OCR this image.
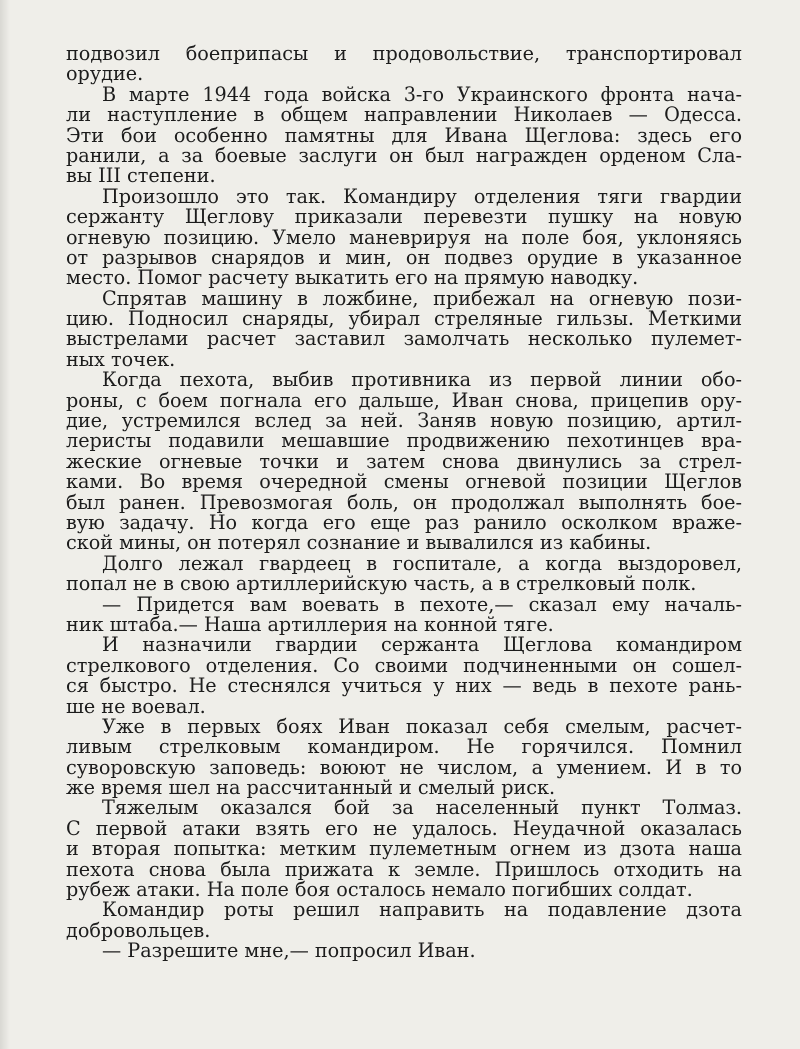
подвозил боеприпасы и продовольствие, транспортировал
орудие.
В марте 1944 года войска 3-го Украинского фронта нача-
ли наступление в общем направлении Николаев — Одесса.
Эти бои особенно памятны для Ивана Щеглова: здесь его
ранили, а за боевые заслуги он был награжден орденом Сла-
вы III степени.
Произошло это так. Командиру отделения тяги гвардии
сержанту Щеглову приказали перевезти пушку на новую
огневую позицию. Умело маневрируя на поле боя, уклоняясь
от разрывов снарядов и мин, он подвез орудие в указанное
место. Помог расчету выкатить его на прямую наводку.
Спрятав машину в ложбине, прибежал на огневую пози-
цию. Подносил снаряды, убирал стреляные гильзы. Меткими
выстрелами расчет заставил замолчать несколько пулемет-
ных точек.
Когда пехота, выбив противника из первой линии обо-
роны, с боем погнала его дальше, Иван снова, прицепив ору-
дие, устремился вслед за ней. Заняв новую позицию, артил-
леристы подавили мешавшие продвижению пехотинцев вра-
жеские огневые точки и затем снова двинулись за стрел-
ками. Во время очередной смены огневой позиции Щеглов
был ранен. Превозмогая боль, он продолжал выполнять бое-
вую задачу. Но когда его еще раз ранило осколком враже-
ской мины, он потерял сознание и вывалился из кабины.
Долго лежал гвардеец в госпитале, а когда выздоровел,
попал не в свою артиллерийскую часть, а в стрелковый полк.
— Придется вам воевать в пехоте,— сказал ему началь-
ник штаба.— Наша артиллерия на конной тяге.
И назначили гвардии сержанта Щеглова командиром
стрелкового отделения. Со своими подчиненными он сошел-
ся быстро. Не стеснялся учиться у них — ведь в пехоте рань-
ше не воевал.
Уже в первых боях Иван показал себя смелым, расчет-
ливым стрелковым командиром. Не горячился. Помнил
суворовскую заповедь: воюют не числом, а умением. И в то
же время шел на рассчитанный и смелый риск.
Тяжелым оказался бой за населенный пункт Толмаз.
С первой атаки взять его не удалось. Неудачной оказалась
и вторая попытка: метким пулеметным огнем из дзота наша
пехота снова была прижата к земле. Пришлось отходить на
рубеж атаки. На поле боя осталось немало погибших солдат.
Командир роты решил направить на подавление дзота
добровольцев.
— Разрешите мне,— попросил Иван.
